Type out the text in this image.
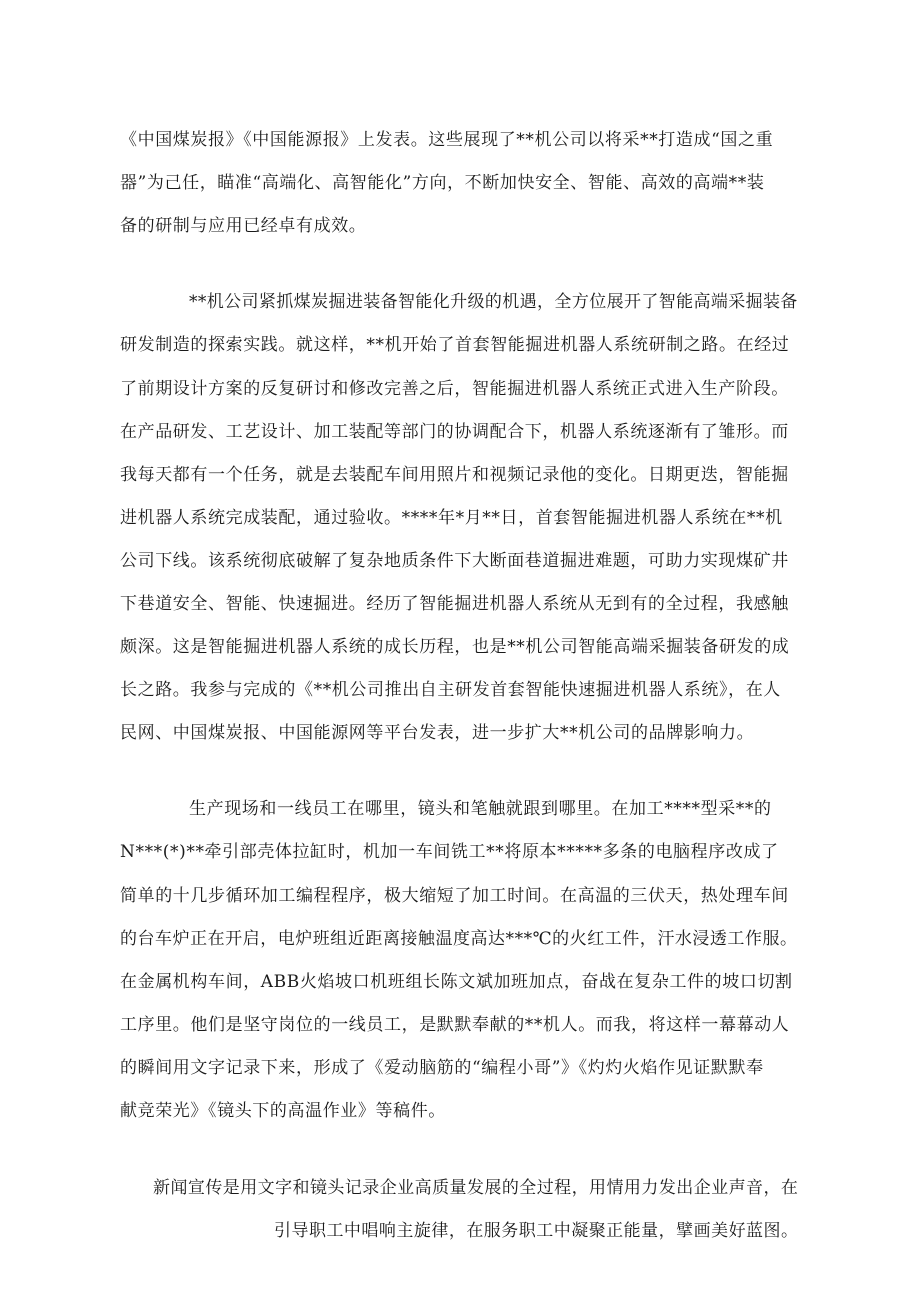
《中国煤炭报》《中国能源报》上发表。这些展现了**机公司以将采**打造成“国之重
器”为己任，瞄准“高端化、高智能化”方向，不断加快安全、智能、高效的高端**装
备的研制与应用已经卓有成效。
**机公司紧抓煤炭掘进装备智能化升级的机遇，全方位展开了智能高端采掘装备
研发制造的探索实践。就这样，**机开始了首套智能掘进机器人系统研制之路。在经过
了前期设计方案的反复研讨和修改完善之后，智能掘进机器人系统正式进入生产阶段。
在产品研发、工艺设计、加工装配等部门的协调配合下，机器人系统逐渐有了雏形。而
我每天都有一个任务，就是去装配车间用照片和视频记录他的变化。日期更迭，智能掘
进机器人系统完成装配，通过验收。****年*月**日，首套智能掘进机器人系统在**机
公司下线。该系统彻底破解了复杂地质条件下大断面巷道掘进难题，可助力实现煤矿井
下巷道安全、智能、快速掘进。经历了智能掘进机器人系统从无到有的全过程，我感触
颇深。这是智能掘进机器人系统的成长历程，也是**机公司智能高端采掘装备研发的成
长之路。我参与完成的《**机公司推出自主研发首套智能快速掘进机器人系统》，在人
民网、中国煤炭报、中国能源网等平台发表，进一步扩大**机公司的品牌影响力。
生产现场和一线员工在哪里，镜头和笔触就跟到哪里。在加工****型采**的
N***(*)**牵引部壳体拉缸时，机加一车间铣工**将原本*****多条的电脑程序改成了
简单的十几步循环加工编程程序，极大缩短了加工时间。在高温的三伏天，热处理车间
的台车炉正在开启，电炉班组近距离接触温度高达***℃的火红工件，汗水浸透工作服。
在金属机构车间，ABB火焰坡口机班组长陈文斌加班加点，奋战在复杂工件的坡口切割
工序里。他们是坚守岗位的一线员工，是默默奉献的**机人。而我，将这样一幕幕动人
的瞬间用文字记录下来，形成了《爱动脑筋的“编程小哥”》《灼灼火焰作见证默默奉
献竞荣光》《镜头下的高温作业》等稿件。
新闻宣传是用文字和镜头记录企业高质量发展的全过程，用情用力发出企业声音，在
引导职工中唱响主旋律，在服务职工中凝聚正能量，擘画美好蓝图。
